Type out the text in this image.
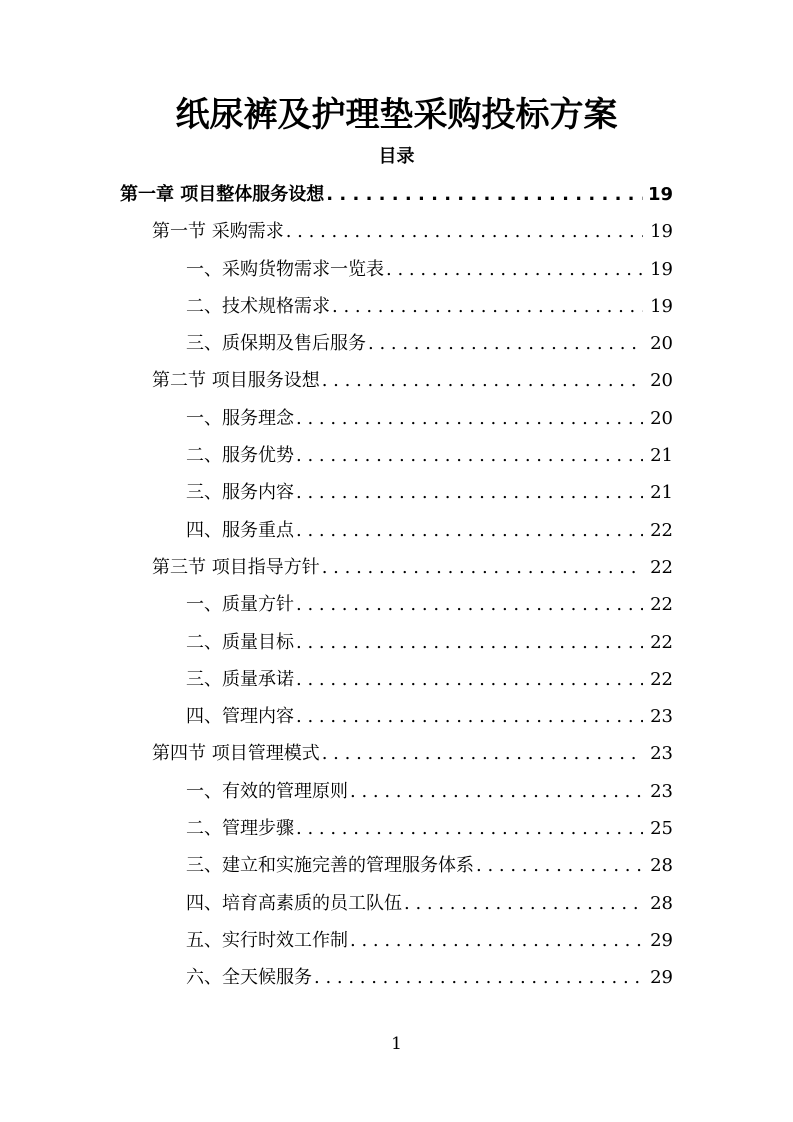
纸尿裤及护理垫采购投标方案
目录
第一章 项目整体服务设想 . . .	19
第一节 采购需求 . . .	19
一、采购货物需求一览表 . . .	19
二、技术规格需求 . . .	19
三、质保期及售后服务 . . .	20
第二节 项目服务设想 . . .	20
一、服务理念 . . .	20
二、服务优势 . . .	21
三、服务内容 . . .	21
四、服务重点 . . .	22
第三节 项目指导方针 . . .	22
一、质量方针 . . .	22
二、质量目标 . . .	22
三、质量承诺 . . .	22
四、管理内容 . . .	23
第四节 项目管理模式 . . .	23
一、有效的管理原则 . . .	23
二、管理步骤 . . .	25
三、建立和实施完善的管理服务体系 . . .	28
四、培育高素质的员工队伍 . . .	28
五、实行时效工作制 . . .	29
六、全天候服务 . . .	29
1
